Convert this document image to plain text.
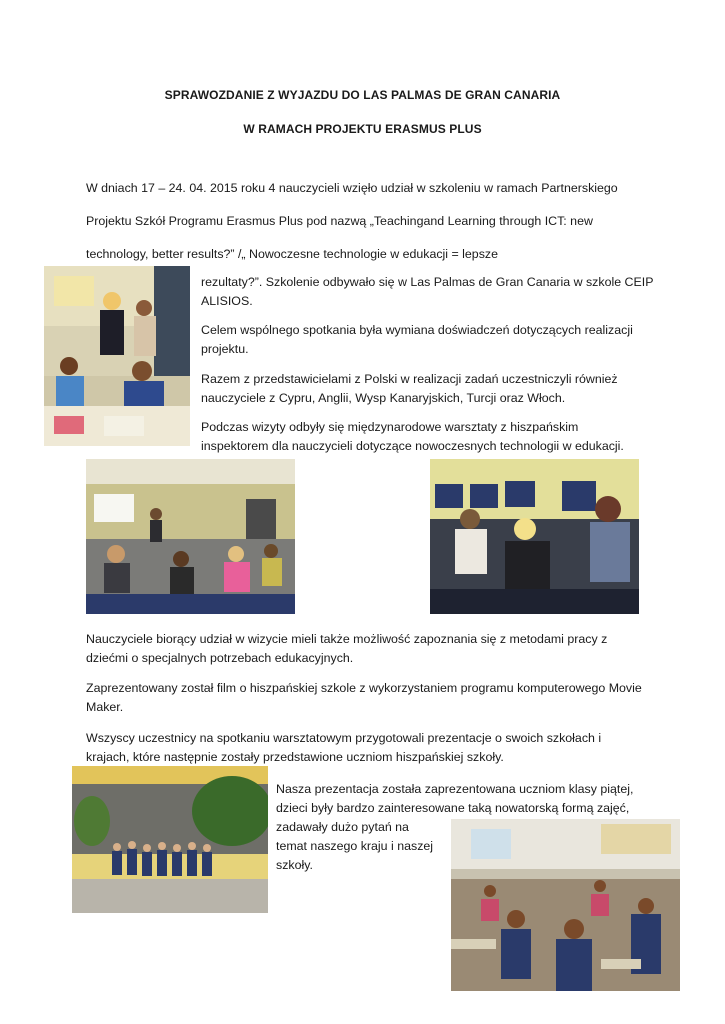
SPRAWOZDANIE Z WYJAZDU DO LAS PALMAS DE GRAN CANARIA

W RAMACH PROJEKTU ERASMUS PLUS

W dniach 17 – 24. 04. 2015 roku 4 nauczycieli wzięło udział w szkoleniu w ramach Partnerskiego
Projektu Szkół Programu Erasmus Plus pod nazwą „Teachingand Learning through ICT: new
technology, better results?” /„ Nowoczesne technologie w edukacji = lepsze
rezultaty?”. Szkolenie odbywało się w Las Palmas de Gran Canaria w szkole CEIP
ALISIOS.
Celem wspólnego spotkania była wymiana doświadczeń dotyczących realizacji
projektu.
Razem z przedstawicielami z Polski w realizacji zadań uczestniczyli również
nauczyciele z Cypru, Anglii, Wysp Kanaryjskich, Turcji oraz Włoch.
Podczas wizyty odbyły się międzynarodowe warsztaty z hiszpańskim
inspektorem dla nauczycieli dotyczące nowoczesnych technologii w edukacji.
Nauczyciele biorący udział w wizycie mieli także możliwość zapoznania się z metodami pracy z
dziećmi o specjalnych potrzebach edukacyjnych.
Zaprezentowany został film o hiszpańskiej szkole z wykorzystaniem programu komputerowego Movie
Maker.
Wszyscy uczestnicy na spotkaniu warsztatowym przygotowali prezentacje o swoich szkołach i
krajach, które następnie zostały przedstawione uczniom hiszpańskiej szkoły.
Nasza prezentacja została zaprezentowana uczniom klasy piątej,
dzieci były bardzo zainteresowane taką nowatorską formą zajęć,
zadawały dużo pytań na
temat naszego kraju i naszej
szkoły.
